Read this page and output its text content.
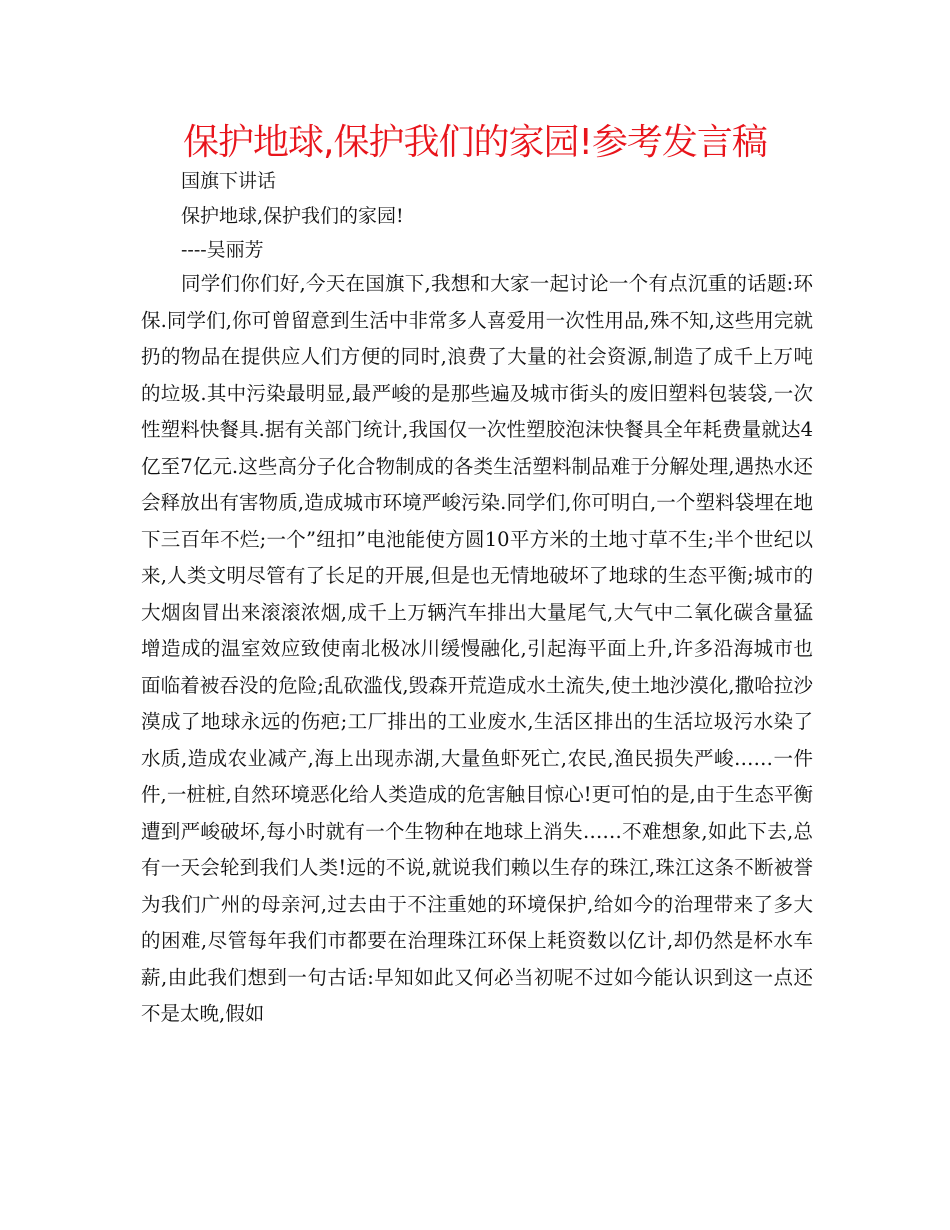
保护地球,保护我们的家园!参考发言稿
国旗下讲话
保护地球,保护我们的家园!
----吴丽芳

同学们你们好,今天在国旗下,我想和大家一起讨论一个有点沉重的话题:环保.同学们,你可曾留意到生活中非常多人喜爱用一次性用品,殊不知,这些用完就扔的物品在提供应人们方便的同时,浪费了大量的社会资源,制造了成千上万吨的垃圾.其中污染最明显,最严峻的是那些遍及城市街头的废旧塑料包装袋,一次性塑料快餐具.据有关部门统计,我国仅一次性塑胶泡沫快餐具全年耗费量就达4亿至7亿元.这些高分子化合物制成的各类生活塑料制品难于分解处理,遇热水还会释放出有害物质,造成城市环境严峻污染.同学们,你可明白,一个塑料袋埋在地下三百年不烂;一个”纽扣”电池能使方圆10平方米的土地寸草不生;半个世纪以来,人类文明尽管有了长足的开展,但是也无情地破坏了地球的生态平衡;城市的大烟囱冒出来滚滚浓烟,成千上万辆汽车排出大量尾气,大气中二氧化碳含量猛增造成的温室效应致使南北极冰川缓慢融化,引起海平面上升,许多沿海城市也面临着被吞没的危险;乱砍滥伐,毁森开荒造成水土流失,使土地沙漠化,撒哈拉沙漠成了地球永远的伤疤;工厂排出的工业废水,生活区排出的生活垃圾污水染了水质,造成农业减产,海上出现赤湖,大量鱼虾死亡,农民,渔民损失严峻……一件件,一桩桩,自然环境恶化给人类造成的危害触目惊心!更可怕的是,由于生态平衡遭到严峻破坏,每小时就有一个生物种在地球上消失……不难想象,如此下去,总有一天会轮到我们人类!远的不说,就说我们赖以生存的珠江,珠江这条不断被誉为我们广州的母亲河,过去由于不注重她的环境保护,给如今的治理带来了多大的困难,尽管每年我们市都要在治理珠江环保上耗资数以亿计,却仍然是杯水车薪,由此我们想到一句古话:早知如此又何必当初呢不过如今能认识到这一点还不是太晚,假如
